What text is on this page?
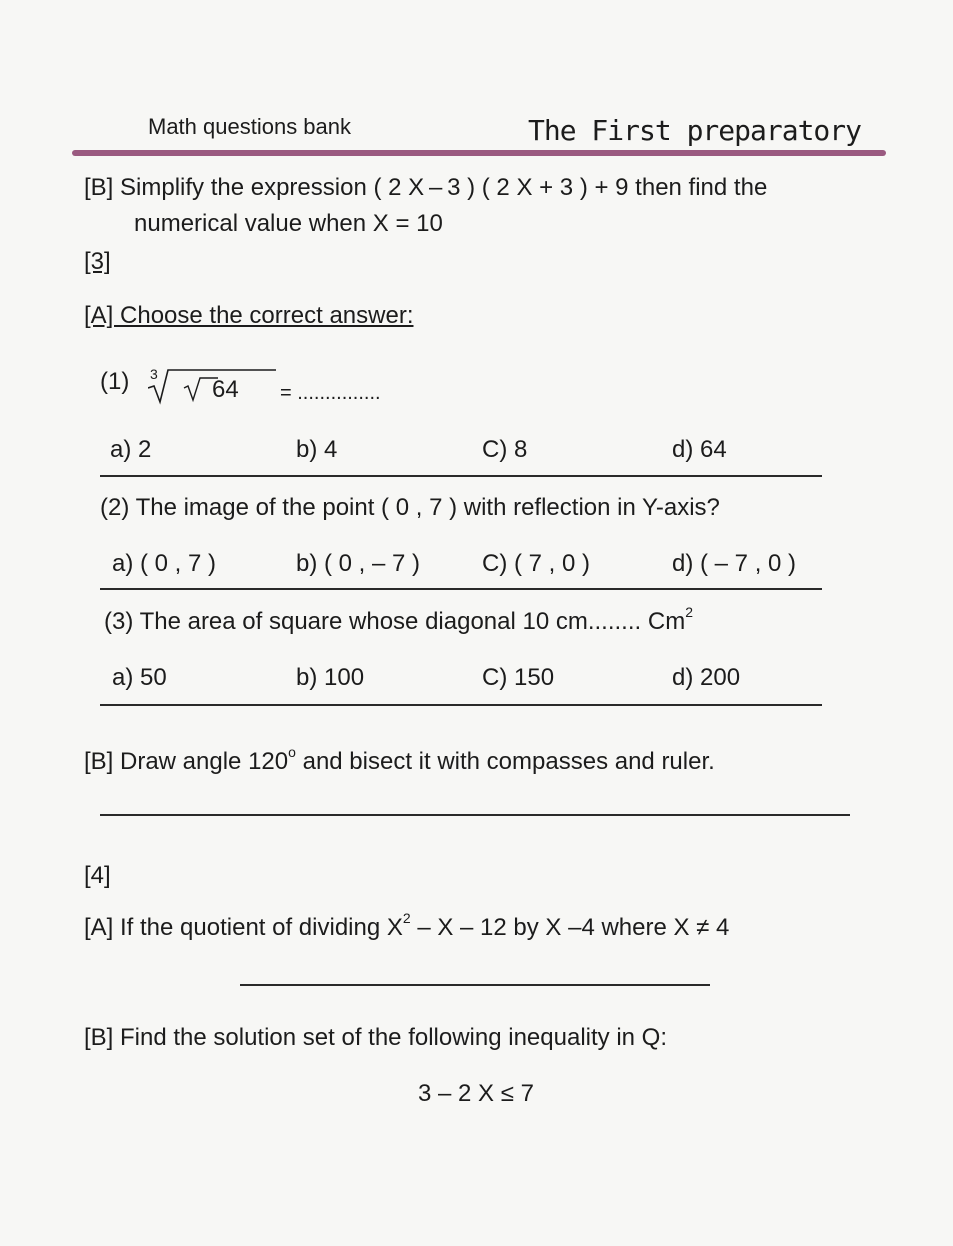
Math questions bank	The First preparatory
[B] Simplify the expression ( 2 X – 3 ) ( 2 X + 3 ) + 9 then find the
numerical value when X = 10
[3]
[A] Choose the correct answer:
(1) 3
64 = ...............
a) 2	b) 4	C) 8	d) 64
(2) The image of the point ( 0 , 7 ) with reflection in Y-axis?
a) ( 0 , 7 )	b) ( 0 , – 7 )	C) ( 7 , 0 )	d) ( – 7 , 0 )
(3) The area of square whose diagonal 10 cm........ Cm$^2$
a) 50	b) 100	C) 150	d) 200
[B] Draw angle 120$^o$ and bisect it with compasses and ruler.
[4]
[A] If the quotient of dividing $X^2$ – X – 12 by X –4 where X ≠ 4
[B] Find the solution set of the following inequality in Q:
3 – 2 X ≤ 7
